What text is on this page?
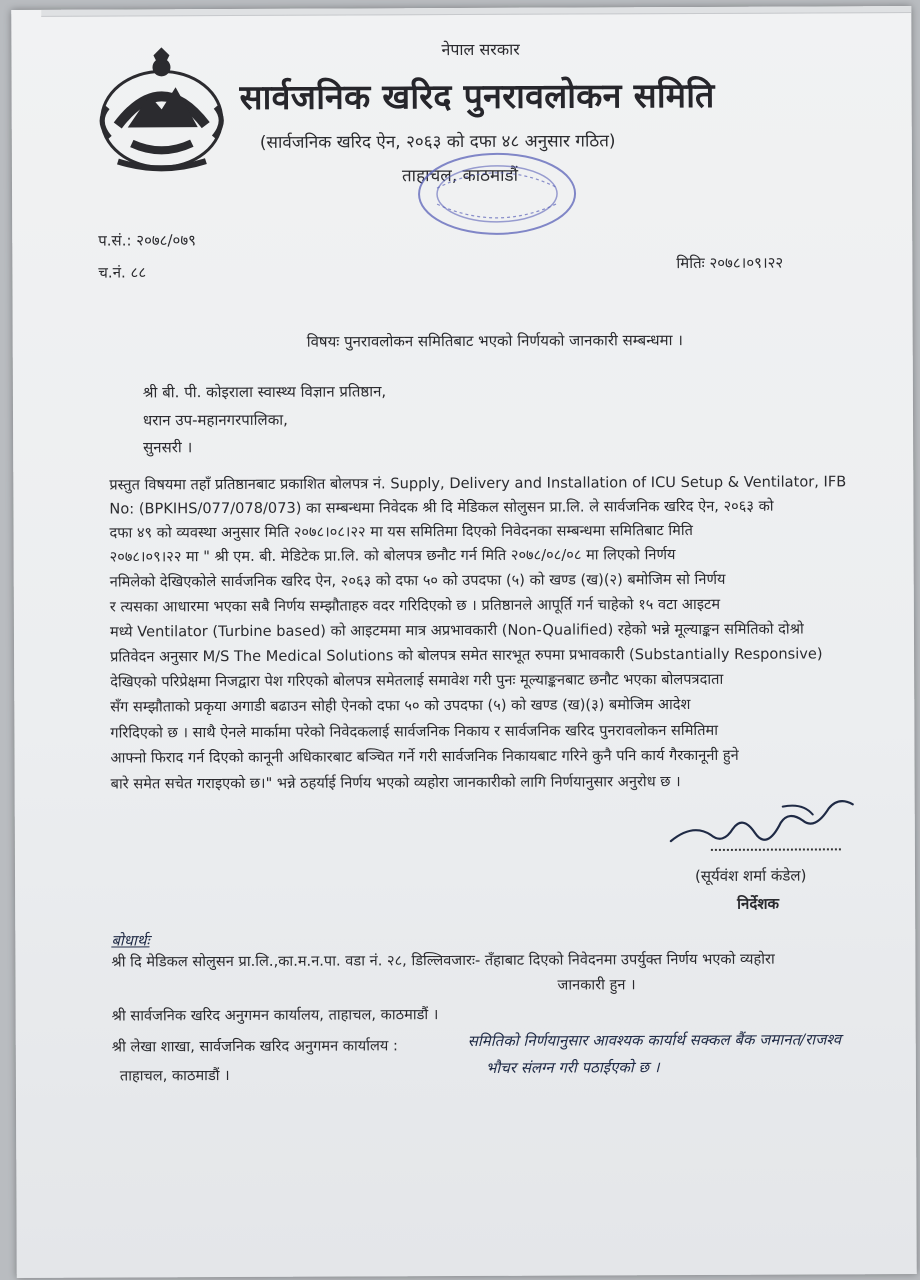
नेपाल सरकार
सार्वजनिक खरिद पुनरावलोकन समिति
(सार्वजनिक खरिद ऐन, २०६३ को दफा ४८ अनुसार गठित)
ताहाचल, काठमाडौं
प.सं.: २०७८/०७९
च.नं. ८८
मितिः २०७८।०९।२२
विषयः पुनरावलोकन समितिबाट भएको निर्णयको जानकारी सम्बन्धमा ।
श्री बी. पी. कोइराला स्वास्थ्य विज्ञान प्रतिष्ठान,
धरान उप-महानगरपालिका,
सुनसरी ।
प्रस्तुत विषयमा तहाँ प्रतिष्ठानबाट प्रकाशित बोलपत्र नं. Supply, Delivery and Installation of ICU Setup & Ventilator, IFB
No: (BPKIHS/077/078/073) का सम्बन्धमा निवेदक श्री दि मेडिकल सोलुसन प्रा.लि. ले सार्वजनिक खरिद ऐन, २०६३ को
दफा ४९ को व्यवस्था अनुसार मिति २०७८।०८।२२ मा यस समितिमा दिएको निवेदनका सम्बन्धमा समितिबाट मिति
२०७८।०९।२२ मा " श्री एम. बी. मेडिटेक प्रा.लि. को बोलपत्र छनौट गर्न मिति २०७८/०८/०८ मा लिएको निर्णय
नमिलेको देखिएकोले सार्वजनिक खरिद ऐन, २०६३ को दफा ५० को उपदफा (५) को खण्ड (ख)(२) बमोजिम सो निर्णय
र त्यसका आधारमा भएका सबै निर्णय सम्झौताहरु वदर गरिदिएको छ । प्रतिष्ठानले आपूर्ति गर्न चाहेको १५ वटा आइटम
मध्ये Ventilator (Turbine based) को आइटममा मात्र अप्रभावकारी (Non-Qualified) रहेको भन्ने मूल्याङ्कन समितिको दोश्रो
प्रतिवेदन अनुसार M/S The Medical Solutions को बोलपत्र समेत सारभूत रुपमा प्रभावकारी (Substantially Responsive)
देखिएको परिप्रेक्षमा निजद्वारा पेश गरिएको बोलपत्र समेतलाई समावेश गरी पुनः मूल्याङ्कनबाट छनौट भएका बोलपत्रदाता
सँग सम्झौताको प्रकृया अगाडी बढाउन सोही ऐनको दफा ५० को उपदफा (५) को खण्ड (ख)(३) बमोजिम आदेश
गरिदिएको छ । साथै ऐनले मार्कामा परेको निवेदकलाई सार्वजनिक निकाय र सार्वजनिक खरिद पुनरावलोकन समितिमा
आफ्नो फिराद गर्न दिएको कानूनी अधिकारबाट बञ्चित गर्ने गरी सार्वजनिक निकायबाट गरिने कुनै पनि कार्य गैरकानूनी हुने
बारे समेत सचेत गराइएको छ।" भन्ने ठहर्याई निर्णय भएको व्यहोरा जानकारीको लागि निर्णयानुसार अनुरोध छ ।
(सूर्यवंश शर्मा कंडेल)
निर्देशक
बोधार्थः
श्री दि मेडिकल सोलुसन प्रा.लि.,का.म.न.पा. वडा नं. २८, डिल्लिवजारः- तँहाबाट दिएको निवेदनमा उपर्युक्त निर्णय भएको व्यहोरा
जानकारी हुन ।
श्री सार्वजनिक खरिद अनुगमन कार्यालय, ताहाचल, काठमाडौं ।
श्री लेखा शाखा, सार्वजनिक खरिद अनुगमन कार्यालय :
ताहाचल, काठमाडौं ।
समितिको निर्णयानुसार आवश्यक कार्यार्थ सक्कल बैंक जमानत/राजश्व
भौचर संलग्न गरी पठाईएको छ ।
